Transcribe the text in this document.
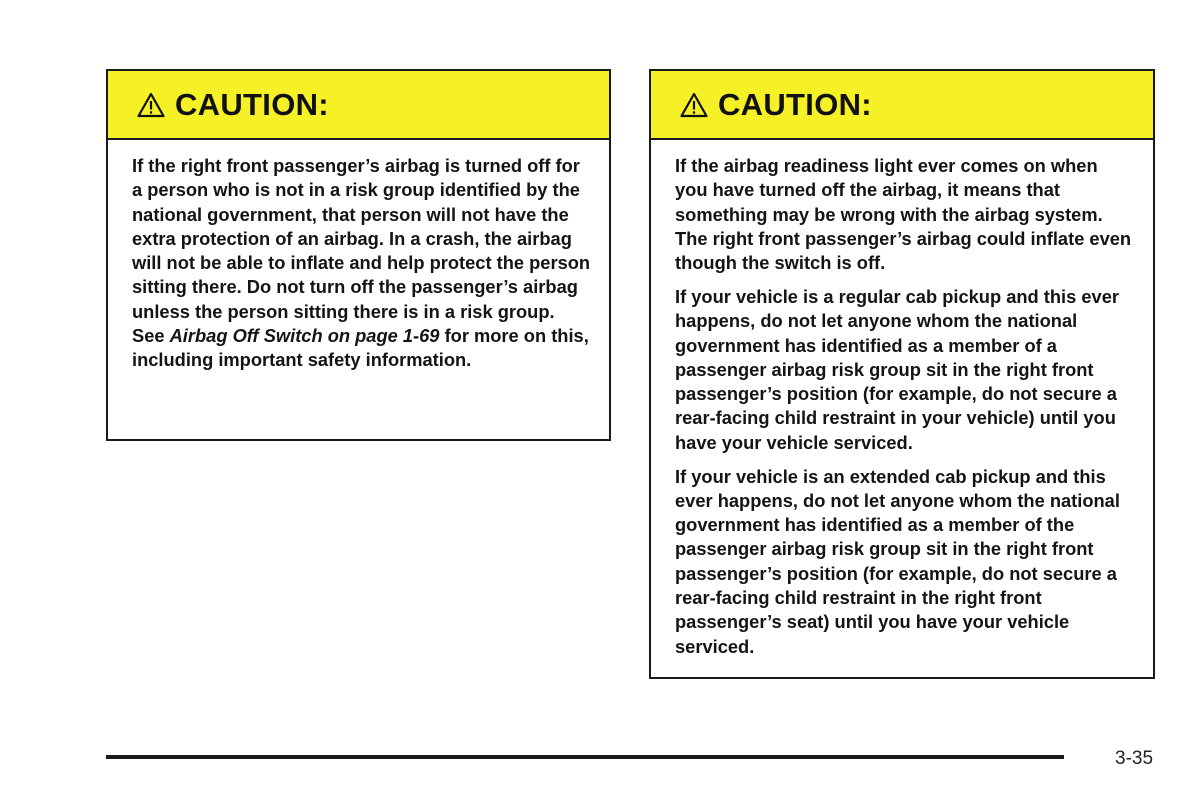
CAUTION:

If the right front passenger’s airbag is turned off for a person who is not in a risk group identified by the national government, that person will not have the extra protection of an airbag. In a crash, the airbag will not be able to inflate and help protect the person sitting there. Do not turn off the passenger’s airbag unless the person sitting there is in a risk group. See Airbag Off Switch on page 1-69 for more on this, including important safety information.

CAUTION:

If the airbag readiness light ever comes on when you have turned off the airbag, it means that something may be wrong with the airbag system. The right front passenger’s airbag could inflate even though the switch is off.

If your vehicle is a regular cab pickup and this ever happens, do not let anyone whom the national government has identified as a member of a passenger airbag risk group sit in the right front passenger’s position (for example, do not secure a rear-facing child restraint in your vehicle) until you have your vehicle serviced.

If your vehicle is an extended cab pickup and this ever happens, do not let anyone whom the national government has identified as a member of the passenger airbag risk group sit in the right front passenger’s position (for example, do not secure a rear-facing child restraint in the right front passenger’s seat) until you have your vehicle serviced.

3-35
